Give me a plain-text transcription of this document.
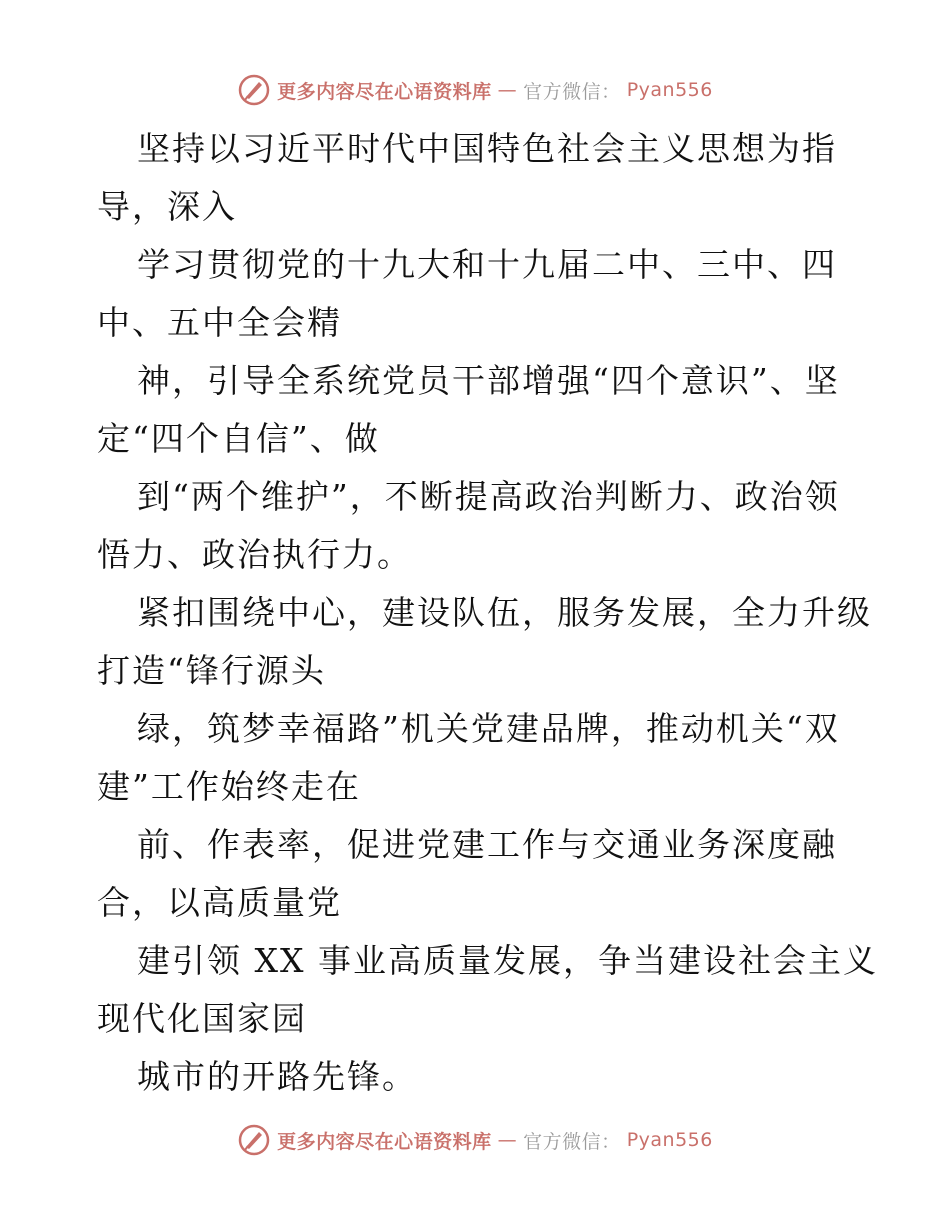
更多内容尽在心语资料库 — 官方微信： Pyan556
坚持以习近平时代中国特色社会主义思想为指
导，深入
学习贯彻党的十九大和十九届二中、三中、四
中、五中全会精
神，引导全系统党员干部增强“四个意识”、坚
定“四个自信”、做
到“两个维护”，不断提高政治判断力、政治领
悟力、政治执行力。
紧扣围绕中心，建设队伍，服务发展，全力升级
打造“锋行源头
绿，筑梦幸福路”机关党建品牌，推动机关“双
建”工作始终走在
前、作表率，促进党建工作与交通业务深度融
合，以高质量党
建引领 XX 事业高质量发展，争当建设社会主义
现代化国家园
城市的开路先锋。
更多内容尽在心语资料库 — 官方微信： Pyan556
